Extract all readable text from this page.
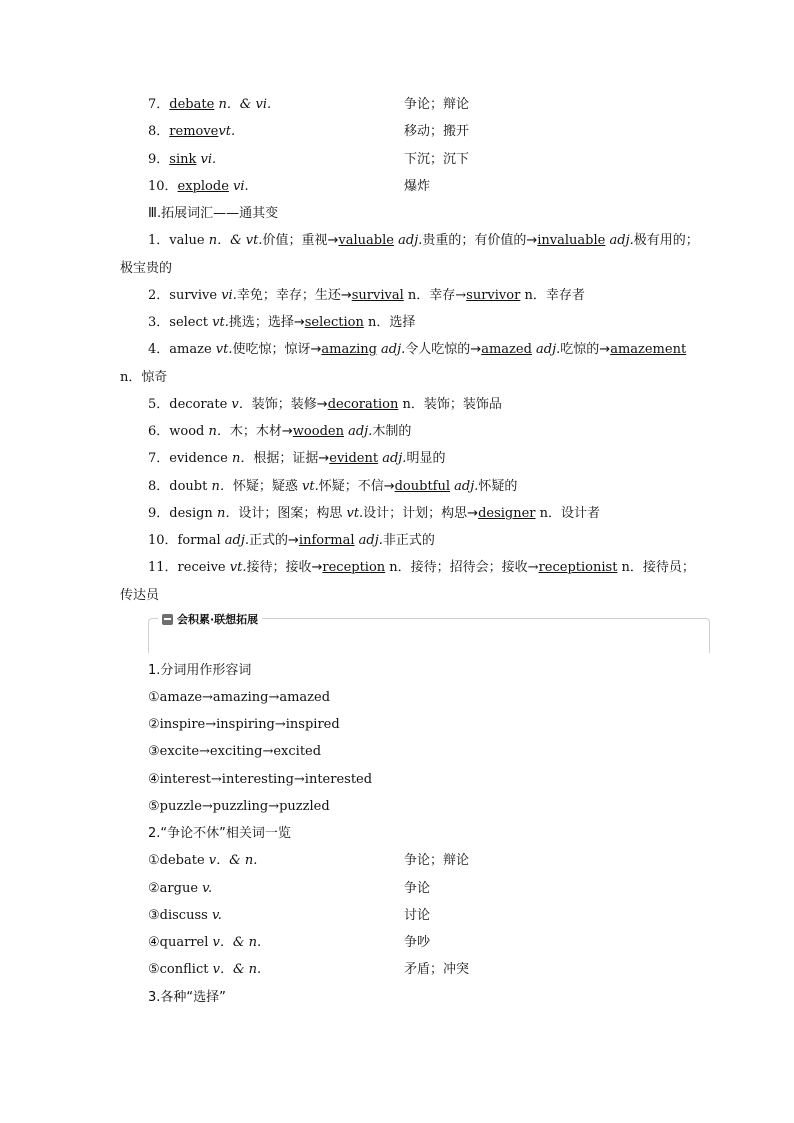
7．debate n．& vi.	争论；辩论
8．removevt.	移动；搬开
9．sink vi.	下沉；沉下
10．explode vi.	爆炸
Ⅲ.拓展词汇——通其变
1．value n．& vt.价值；重视→valuable adj.贵重的；有价值的→invaluable adj.极有用的；
极宝贵的
2．survive vi.幸免；幸存；生还→survival n．幸存→survivor n．幸存者
3．select vt.挑选；选择→selection n．选择
4．amaze vt.使吃惊；惊讶→amazing adj.令人吃惊的→amazed adj.吃惊的→amazement
n．惊奇
5．decorate v．装饰；装修→decoration n．装饰；装饰品
6．wood n．木；木材→wooden adj.木制的
7．evidence n．根据；证据→evident adj.明显的
8．doubt n．怀疑；疑惑 vt.怀疑；不信→doubtful adj.怀疑的
9．design n．设计；图案；构思 vt.设计；计划；构思→designer n．设计者
10．formal adj.正式的→informal adj.非正式的
11．receive vt.接待；接收→reception n．接待；招待会；接收→receptionist n．接待员；
传达员
会积累·联想拓展
1.分词用作形容词
①amaze→amazing→amazed
②inspire→inspiring→inspired
③excite→exciting→excited
④interest→interesting→interested
⑤puzzle→puzzling→puzzled
2.“争论不休”相关词一览
①debate v．& n.	争论；辩论
②argue v.	争论
③discuss v.	讨论
④quarrel v．& n.	争吵
⑤conflict v．& n.	矛盾；冲突
3.各种“选择”
